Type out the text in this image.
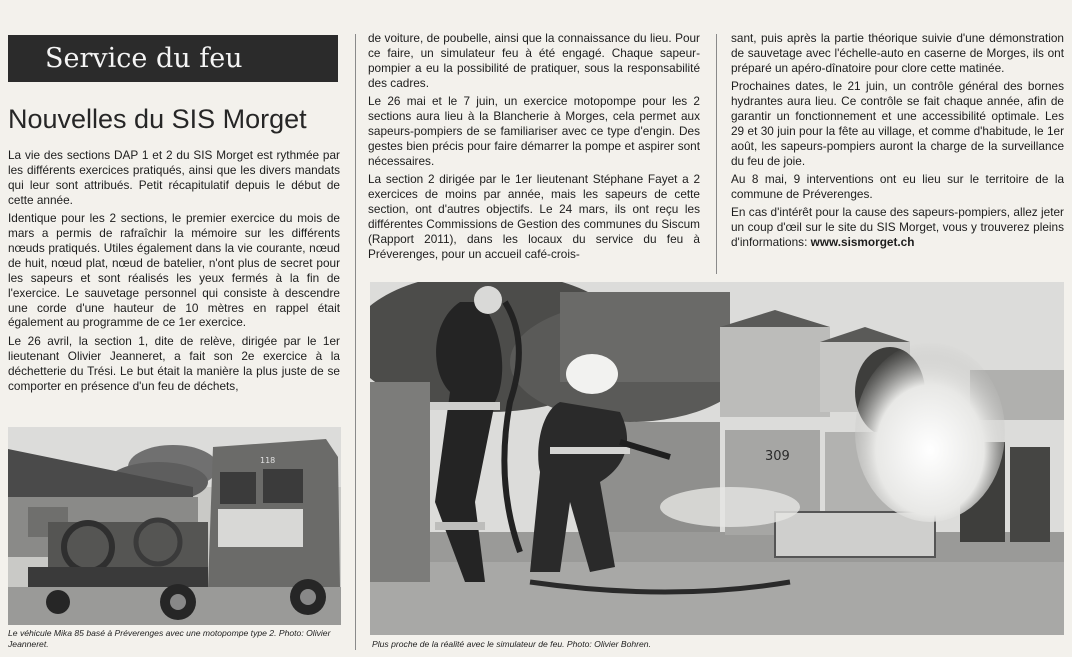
Service du feu
Nouvelles du SIS Morget

La vie des sections DAP 1 et 2 du SIS Morget est rythmée par les différents exercices pratiqués, ainsi que les divers mandats qui leur sont attribués. Petit récapitulatif depuis le début de cette année.

Identique pour les 2 sections, le premier exercice du mois de mars a permis de rafraîchir la mémoire sur les différents nœuds pratiqués. Utiles également dans la vie courante, nœud de huit, nœud plat, nœud de batelier, n'ont plus de secret pour les sapeurs et sont réalisés les yeux fermés à la fin de l'exercice. Le sauvetage personnel qui consiste à descendre une corde d'une hauteur de 10 mètres en rappel était également au programme de ce 1er exercice.

Le 26 avril, la section 1, dite de relève, dirigée par le 1er lieutenant Olivier Jeanneret, a fait son 2e exercice à la déchetterie du Trési. Le but était la manière la plus juste de se comporter en présence d'un feu de déchets,

de voiture, de poubelle, ainsi que la connaissance du lieu. Pour ce faire, un simulateur feu à été engagé. Chaque sapeur-pompier a eu la possibilité de pratiquer, sous la responsabilité des cadres.

Le 26 mai et le 7 juin, un exercice motopompe pour les 2 sections aura lieu à la Blancherie à Morges, cela permet aux sapeurs-pompiers de se familiariser avec ce type d'engin. Des gestes bien précis pour faire démarrer la pompe et aspirer sont nécessaires.

La section 2 dirigée par le 1er lieutenant Stéphane Fayet a 2 exercices de moins par année, mais les sapeurs de cette section, ont d'autres objectifs. Le 24 mars, ils ont reçu les différentes Commissions de Gestion des communes du Siscum (Rapport 2011), dans les locaux du service du feu à Préverenges, pour un accueil café-crois-

sant, puis après la partie théorique suivie d'une démonstration de sauvetage avec l'échelle-auto en caserne de Morges, ils ont préparé un apéro-dînatoire pour clore cette matinée.

Prochaines dates, le 21 juin, un contrôle général des bornes hydrantes aura lieu. Ce contrôle se fait chaque année, afin de garantir un fonctionnement et une accessibilité optimale. Les 29 et 30 juin pour la fête au village, et comme d'habitude, le 1er août, les sapeurs-pompiers auront la charge de la surveillance du feu de joie.

Au 8 mai, 9 interventions ont eu lieu sur le territoire de la commune de Préverenges.

En cas d'intérêt pour la cause des sapeurs-pompiers, allez jeter un coup d'œil sur le site du SIS Morget, vous y trouverez pleins d'informations: www.sismorget.ch

118
Le véhicule Mika 85 basé à Préverenges avec une motopompe type 2. Photo: Olivier Jeanneret.
309
Plus proche de la réalité avec le simulateur de feu. Photo: Olivier Bohren.
